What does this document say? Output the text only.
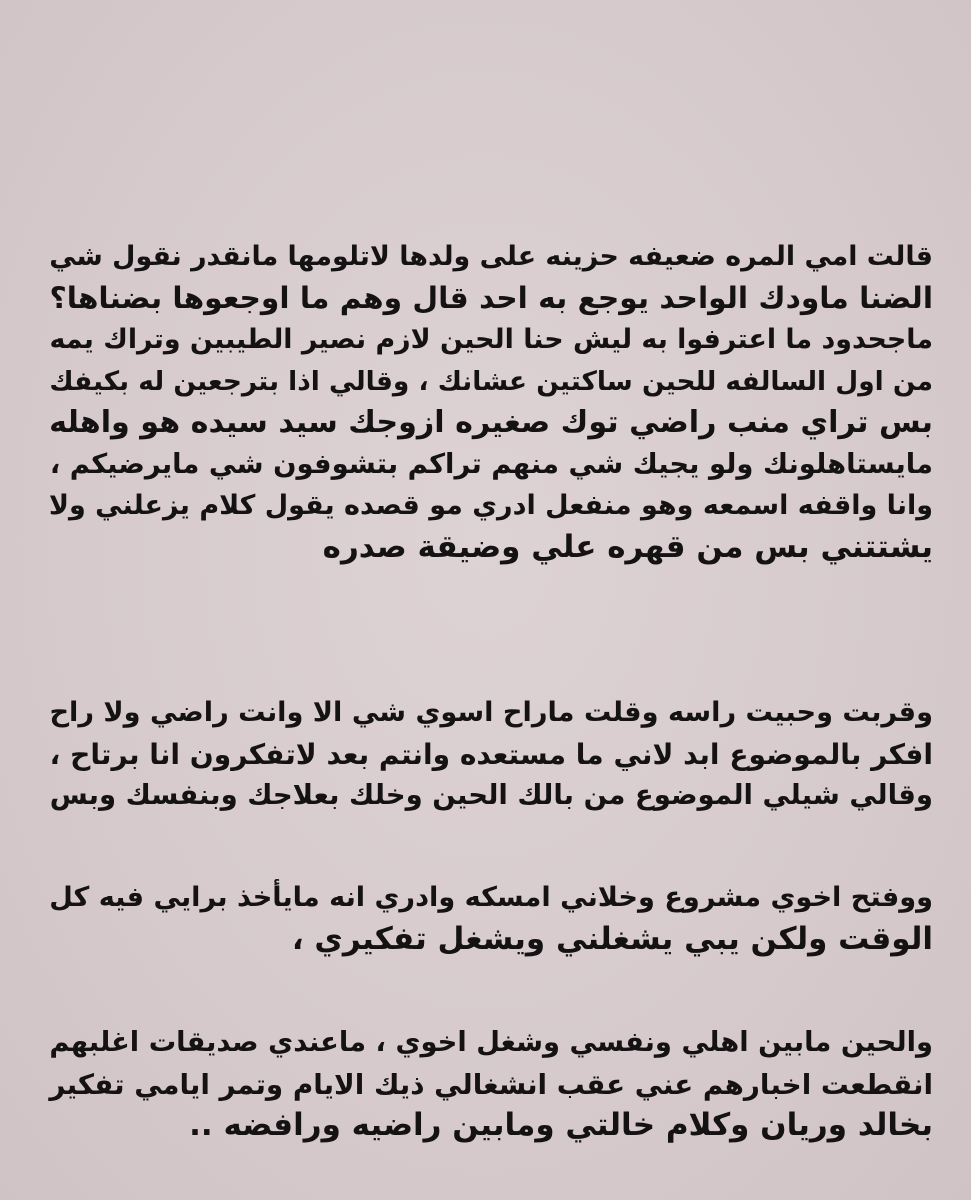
قالت امي المره ضعيفه حزينه على ولدها لاتلومها مانقدر نقول شي
الضنا ماودك الواحد يوجع به احد قال وهم ما اوجعوها بضناها؟
ماجحدود ما اعترفوا به ليش حنا الحين لازم نصير الطيبين وتراك يمه
من اول السالفه للحين ساكتين عشانك ، وقالي اذا بترجعين له بكيفك
بس تراي منب راضي توك صغيره ازوجك سيد سيده هو واهله
مايستاهلونك ولو يجيك شي منهم تراكم بتشوفون شي مايرضيكم ،
وانا واقفه اسمعه وهو منفعل ادري مو قصده يقول كلام يزعلني ولا
يشتتني بس من قهره علي وضيقة صدره
وقربت وحبيت راسه وقلت ماراح اسوي شي الا وانت راضي ولا راح
افكر بالموضوع ابد لاني ما مستعده وانتم بعد لاتفكرون انا برتاح ،
وقالي شيلي الموضوع من بالك الحين وخلك بعلاجك وبنفسك وبس
ووفتح اخوي مشروع وخلاني امسكه وادري انه مايأخذ برايي فيه كل
الوقت ولكن يبي يشغلني ويشغل تفكيري ،
والحين مابين اهلي ونفسي وشغل اخوي ، ماعندي صديقات اغلبهم
انقطعت اخبارهم عني عقب انشغالي ذيك الايام وتمر ايامي تفكير
بخالد وريان وكلام خالتي ومابين راضيه ورافضه ..
